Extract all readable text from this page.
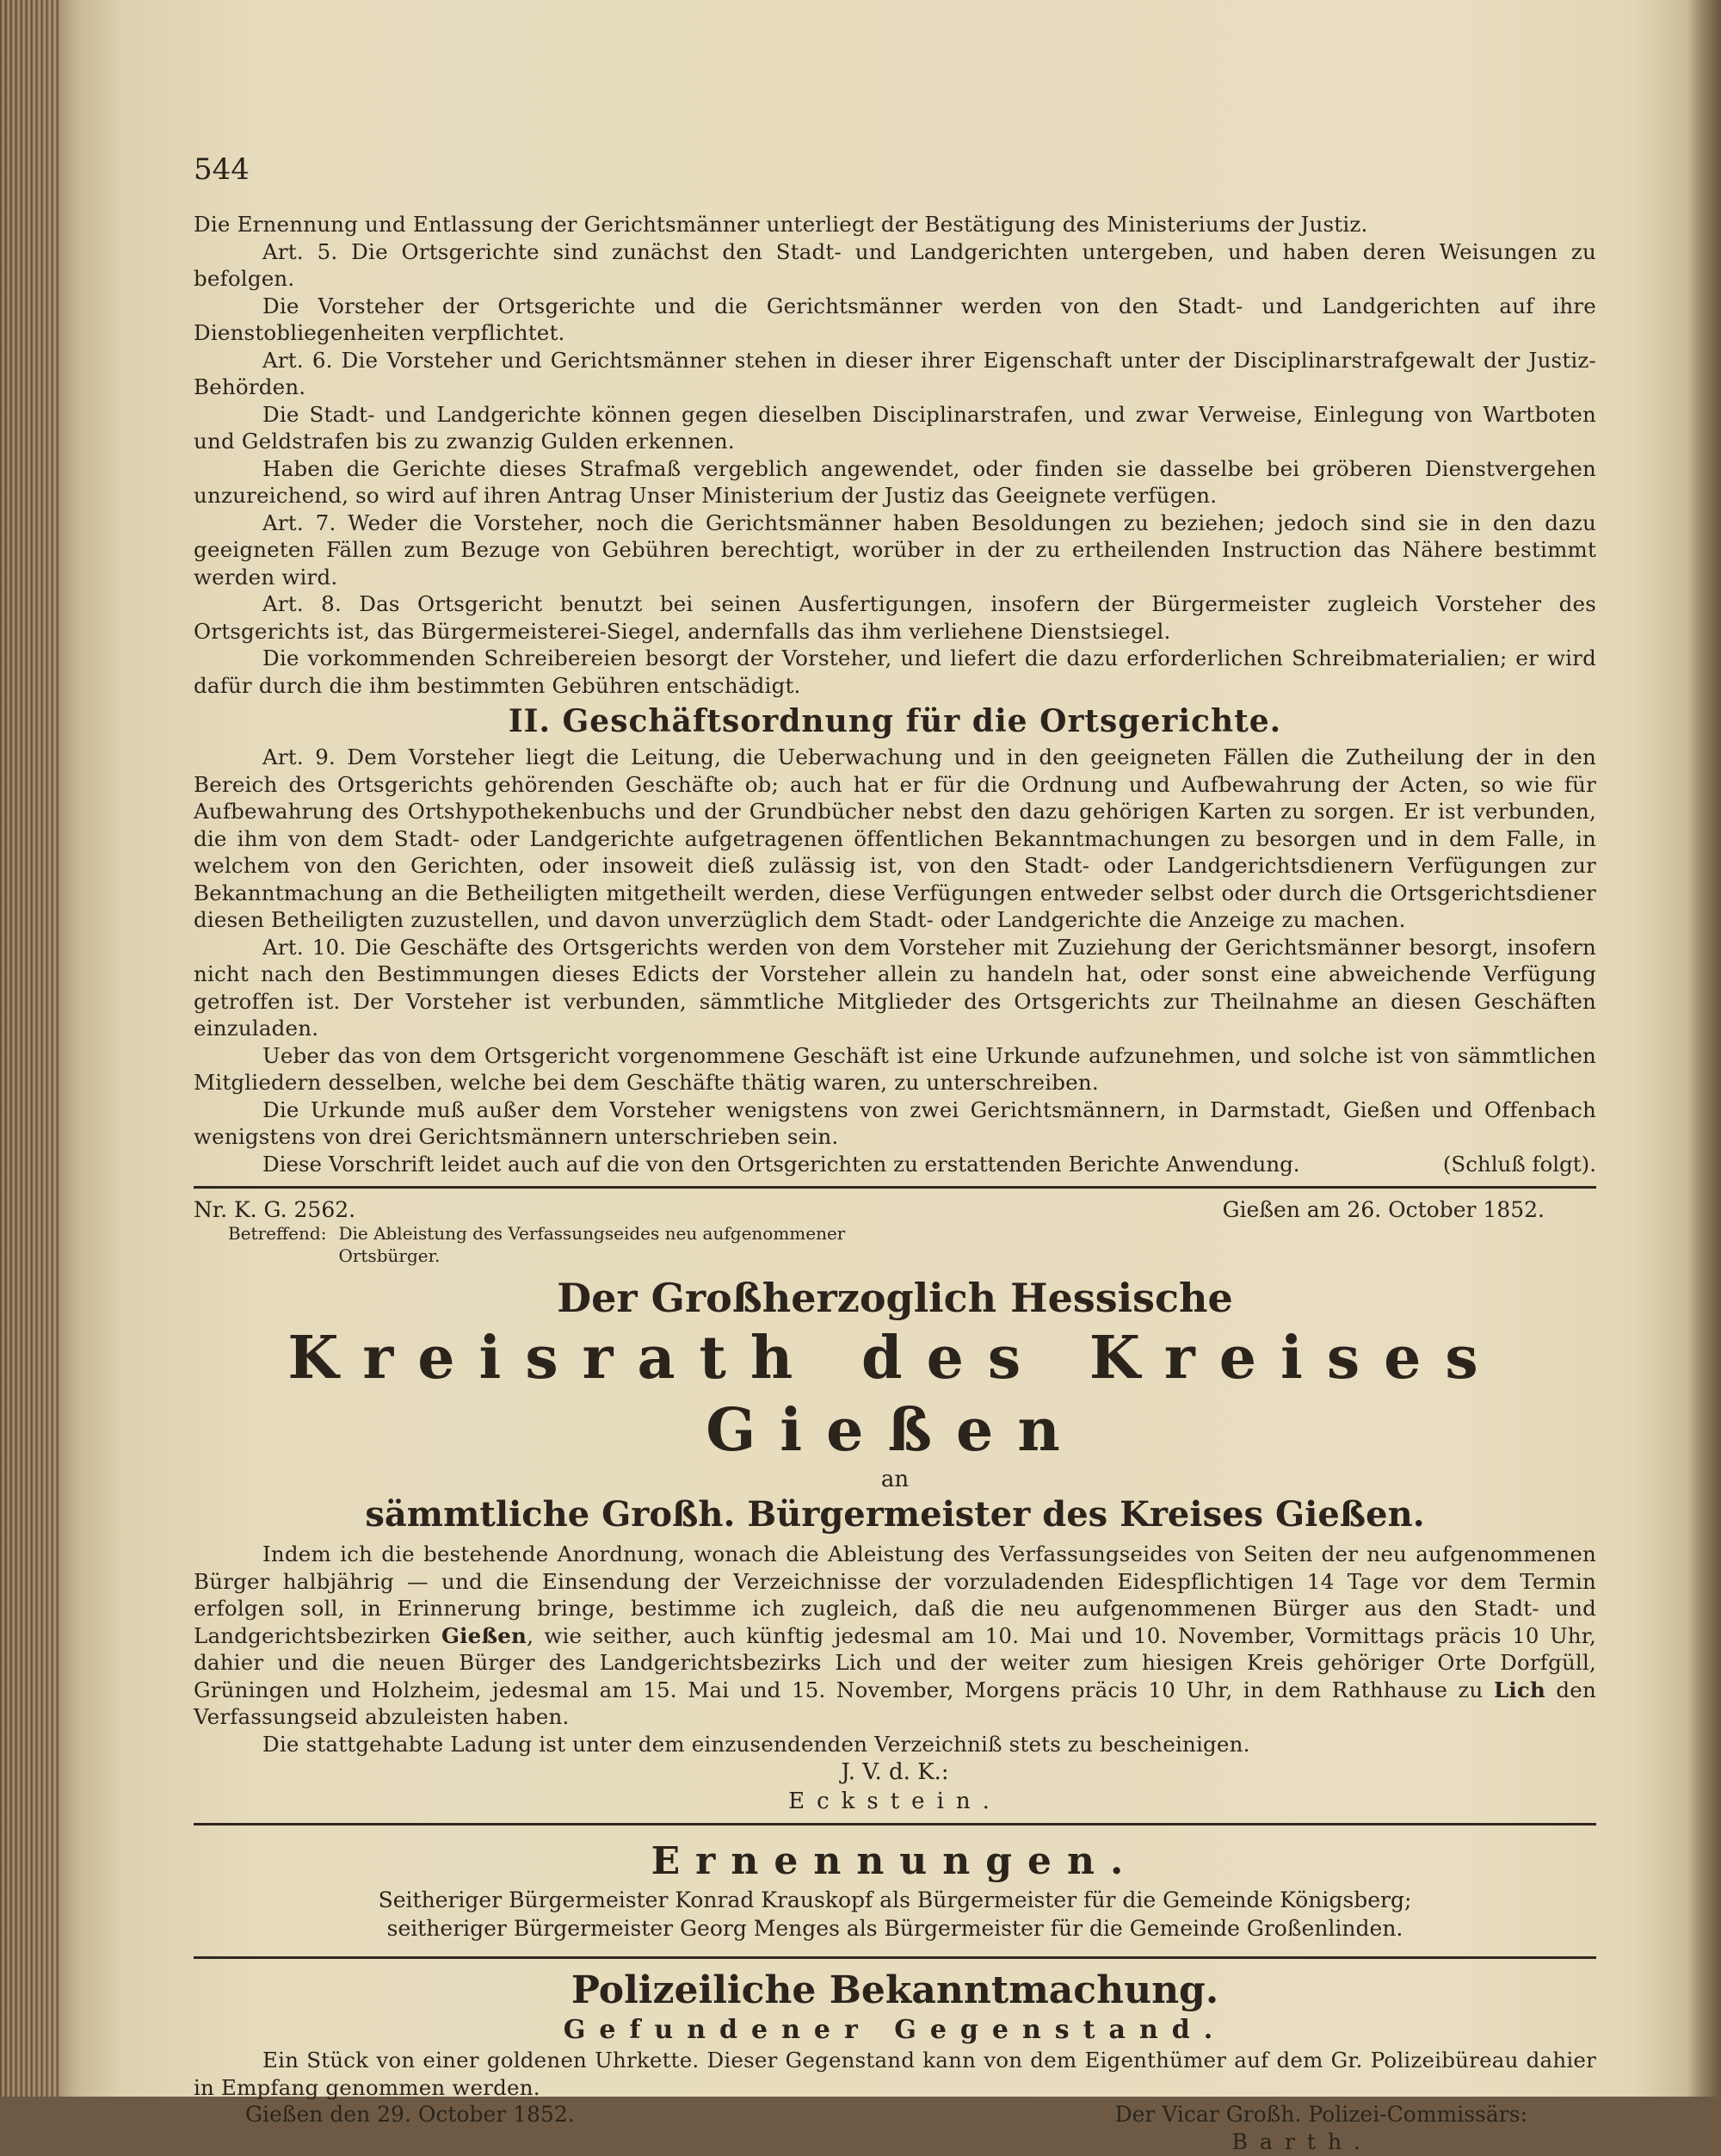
544

Die Ernennung und Entlassung der Gerichtsmänner unterliegt der Bestätigung des Ministeriums der Justiz.

Art. 5. Die Ortsgerichte sind zunächst den Stadt- und Landgerichten untergeben, und haben deren Weisungen zu befolgen.

Die Vorsteher der Ortsgerichte und die Gerichtsmänner werden von den Stadt- und Landgerichten auf ihre Dienstobliegenheiten verpflichtet.

Art. 6. Die Vorsteher und Gerichtsmänner stehen in dieser ihrer Eigenschaft unter der Disciplinarstrafgewalt der Justiz-Behörden.

Die Stadt- und Landgerichte können gegen dieselben Disciplinarstrafen, und zwar Verweise, Einlegung von Wartboten und Geldstrafen bis zu zwanzig Gulden erkennen.

Haben die Gerichte dieses Strafmaß vergeblich angewendet, oder finden sie dasselbe bei gröberen Dienstvergehen unzureichend, so wird auf ihren Antrag Unser Ministerium der Justiz das Geeignete verfügen.

Art. 7. Weder die Vorsteher, noch die Gerichtsmänner haben Besoldungen zu beziehen; jedoch sind sie in den dazu geeigneten Fällen zum Bezuge von Gebühren berechtigt, worüber in der zu ertheilenden Instruction das Nähere bestimmt werden wird.

Art. 8. Das Ortsgericht benutzt bei seinen Ausfertigungen, insofern der Bürgermeister zugleich Vorsteher des Ortsgerichts ist, das Bürgermeisterei-Siegel, andernfalls das ihm verliehene Dienstsiegel.

Die vorkommenden Schreibereien besorgt der Vorsteher, und liefert die dazu erforderlichen Schreibmaterialien; er wird dafür durch die ihm bestimmten Gebühren entschädigt.

II. Geschäftsordnung für die Ortsgerichte.

Art. 9. Dem Vorsteher liegt die Leitung, die Ueberwachung und in den geeigneten Fällen die Zutheilung der in den Bereich des Ortsgerichts gehörenden Geschäfte ob; auch hat er für die Ordnung und Aufbewahrung der Acten, so wie für Aufbewahrung des Ortshypothekenbuchs und der Grundbücher nebst den dazu gehörigen Karten zu sorgen. Er ist verbunden, die ihm von dem Stadt- oder Landgerichte aufgetragenen öffentlichen Bekanntmachungen zu besorgen und in dem Falle, in welchem von den Gerichten, oder insoweit dieß zulässig ist, von den Stadt- oder Landgerichtsdienern Verfügungen zur Bekanntmachung an die Betheiligten mitgetheilt werden, diese Verfügungen entweder selbst oder durch die Ortsgerichtsdiener diesen Betheiligten zuzustellen, und davon unverzüglich dem Stadt- oder Landgerichte die Anzeige zu machen.

Art. 10. Die Geschäfte des Ortsgerichts werden von dem Vorsteher mit Zuziehung der Gerichtsmänner besorgt, insofern nicht nach den Bestimmungen dieses Edicts der Vorsteher allein zu handeln hat, oder sonst eine abweichende Verfügung getroffen ist. Der Vorsteher ist verbunden, sämmtliche Mitglieder des Ortsgerichts zur Theilnahme an diesen Geschäften einzuladen.

Ueber das von dem Ortsgericht vorgenommene Geschäft ist eine Urkunde aufzunehmen, und solche ist von sämmtlichen Mitgliedern desselben, welche bei dem Geschäfte thätig waren, zu unterschreiben.

Die Urkunde muß außer dem Vorsteher wenigstens von zwei Gerichtsmännern, in Darmstadt, Gießen und Offenbach wenigstens von drei Gerichtsmännern unterschrieben sein.

Diese Vorschrift leidet auch auf die von den Ortsgerichten zu erstattenden Berichte Anwendung.	(Schluß folgt).
Nr. K. G. 2562.	Gießen am 26. October 1852.
Betreffend: Die Ableistung des Verfassungseides neu aufgenommener Ortsbürger.
Der Großherzoglich Hessische
Kreisrath des Kreises Gießen
an
sämmtliche Großh. Bürgermeister des Kreises Gießen.

Indem ich die bestehende Anordnung, wonach die Ableistung des Verfassungseides von Seiten der neu aufgenommenen Bürger halbjährig — und die Einsendung der Verzeichnisse der vorzuladenden Eidespflichtigen 14 Tage vor dem Termin erfolgen soll, in Erinnerung bringe, bestimme ich zugleich, daß die neu aufgenommenen Bürger aus den Stadt- und Landgerichtsbezirken Gießen, wie seither, auch künftig jedesmal am 10. Mai und 10. November, Vormittags präcis 10 Uhr, dahier und die neuen Bürger des Landgerichtsbezirks Lich und der weiter zum hiesigen Kreis gehöriger Orte Dorfgüll, Grüningen und Holzheim, jedesmal am 15. Mai und 15. November, Morgens präcis 10 Uhr, in dem Rathhause zu Lich den Verfassungseid abzuleisten haben.

Die stattgehabte Ladung ist unter dem einzusendenden Verzeichniß stets zu bescheinigen.

J. V. d. K.:
Eckstein.
Ernennungen.
Seitheriger Bürgermeister Konrad Krauskopf als Bürgermeister für die Gemeinde Königsberg;
seitheriger Bürgermeister Georg Menges als Bürgermeister für die Gemeinde Großenlinden.
Polizeiliche Bekanntmachung.
Gefundener Gegenstand.

Ein Stück von einer goldenen Uhrkette. Dieser Gegenstand kann von dem Eigenthümer auf dem Gr. Polizeibüreau dahier in Empfang genommen werden.

Gießen den 29. October 1852.	Der Vicar Großh. Polizei-Commissärs:
Barth.
